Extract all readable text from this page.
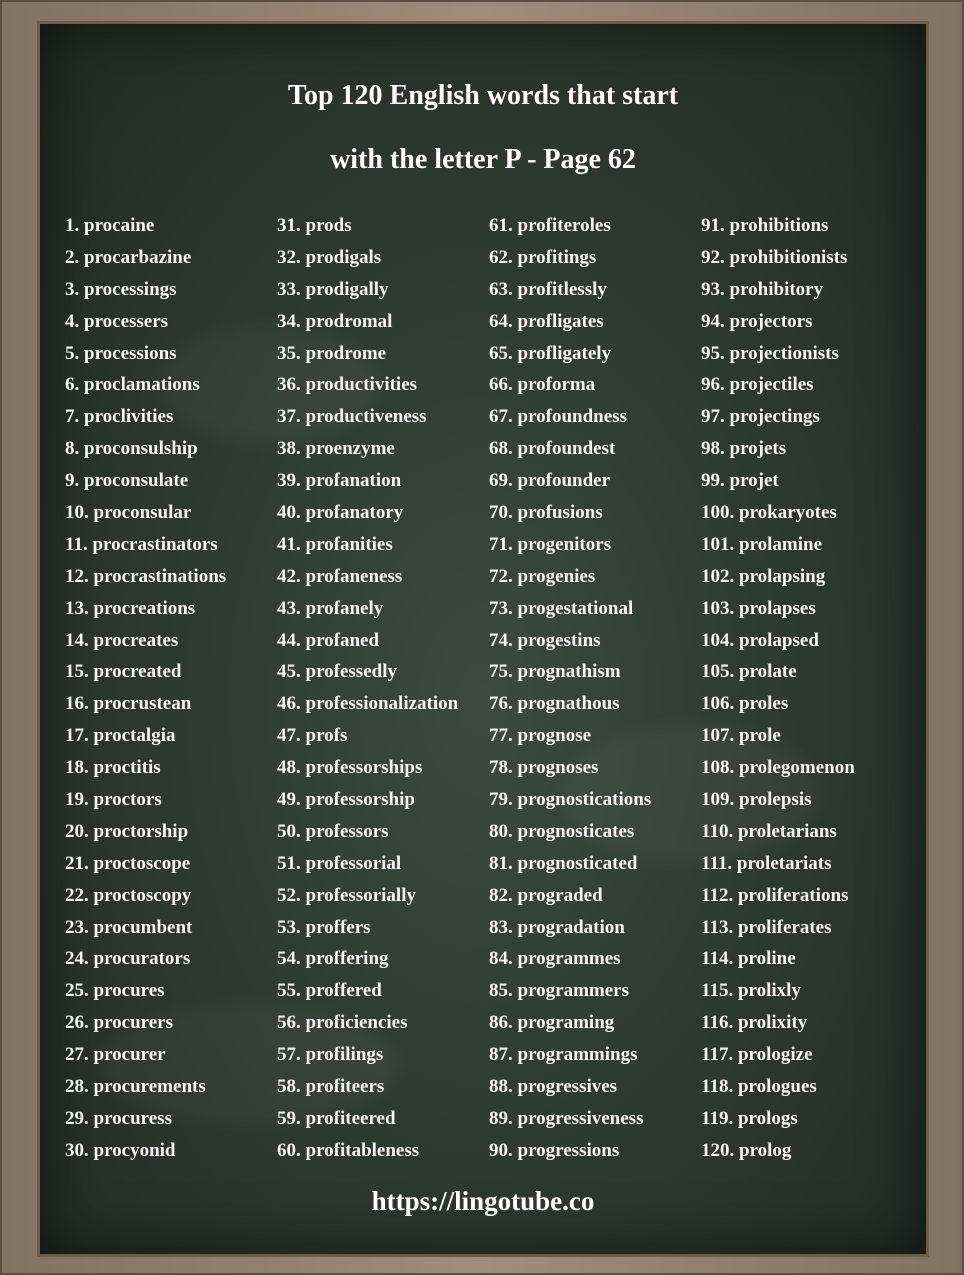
Top 120 English words that start
with the letter P - Page 62
1. procaine
2. procarbazine
3. processings
4. processers
5. processions
6. proclamations
7. proclivities
8. proconsulship
9. proconsulate
10. proconsular
11. procrastinators
12. procrastinations
13. procreations
14. procreates
15. procreated
16. procrustean
17. proctalgia
18. proctitis
19. proctors
20. proctorship
21. proctoscope
22. proctoscopy
23. procumbent
24. procurators
25. procures
26. procurers
27. procurer
28. procurements
29. procuress
30. procyonid
31. prods
32. prodigals
33. prodigally
34. prodromal
35. prodrome
36. productivities
37. productiveness
38. proenzyme
39. profanation
40. profanatory
41. profanities
42. profaneness
43. profanely
44. profaned
45. professedly
46. professionalization
47. profs
48. professorships
49. professorship
50. professors
51. professorial
52. professorially
53. proffers
54. proffering
55. proffered
56. proficiencies
57. profilings
58. profiteers
59. profiteered
60. profitableness
61. profiteroles
62. profitings
63. profitlessly
64. profligates
65. profligately
66. proforma
67. profoundness
68. profoundest
69. profounder
70. profusions
71. progenitors
72. progenies
73. progestational
74. progestins
75. prognathism
76. prognathous
77. prognose
78. prognoses
79. prognostications
80. prognosticates
81. prognosticated
82. prograded
83. progradation
84. programmes
85. programmers
86. programing
87. programmings
88. progressives
89. progressiveness
90. progressions
91. prohibitions
92. prohibitionists
93. prohibitory
94. projectors
95. projectionists
96. projectiles
97. projectings
98. projets
99. projet
100. prokaryotes
101. prolamine
102. prolapsing
103. prolapses
104. prolapsed
105. prolate
106. proles
107. prole
108. prolegomenon
109. prolepsis
110. proletarians
111. proletariats
112. proliferations
113. proliferates
114. proline
115. prolixly
116. prolixity
117. prologize
118. prologues
119. prologs
120. prolog
https://lingotube.co
